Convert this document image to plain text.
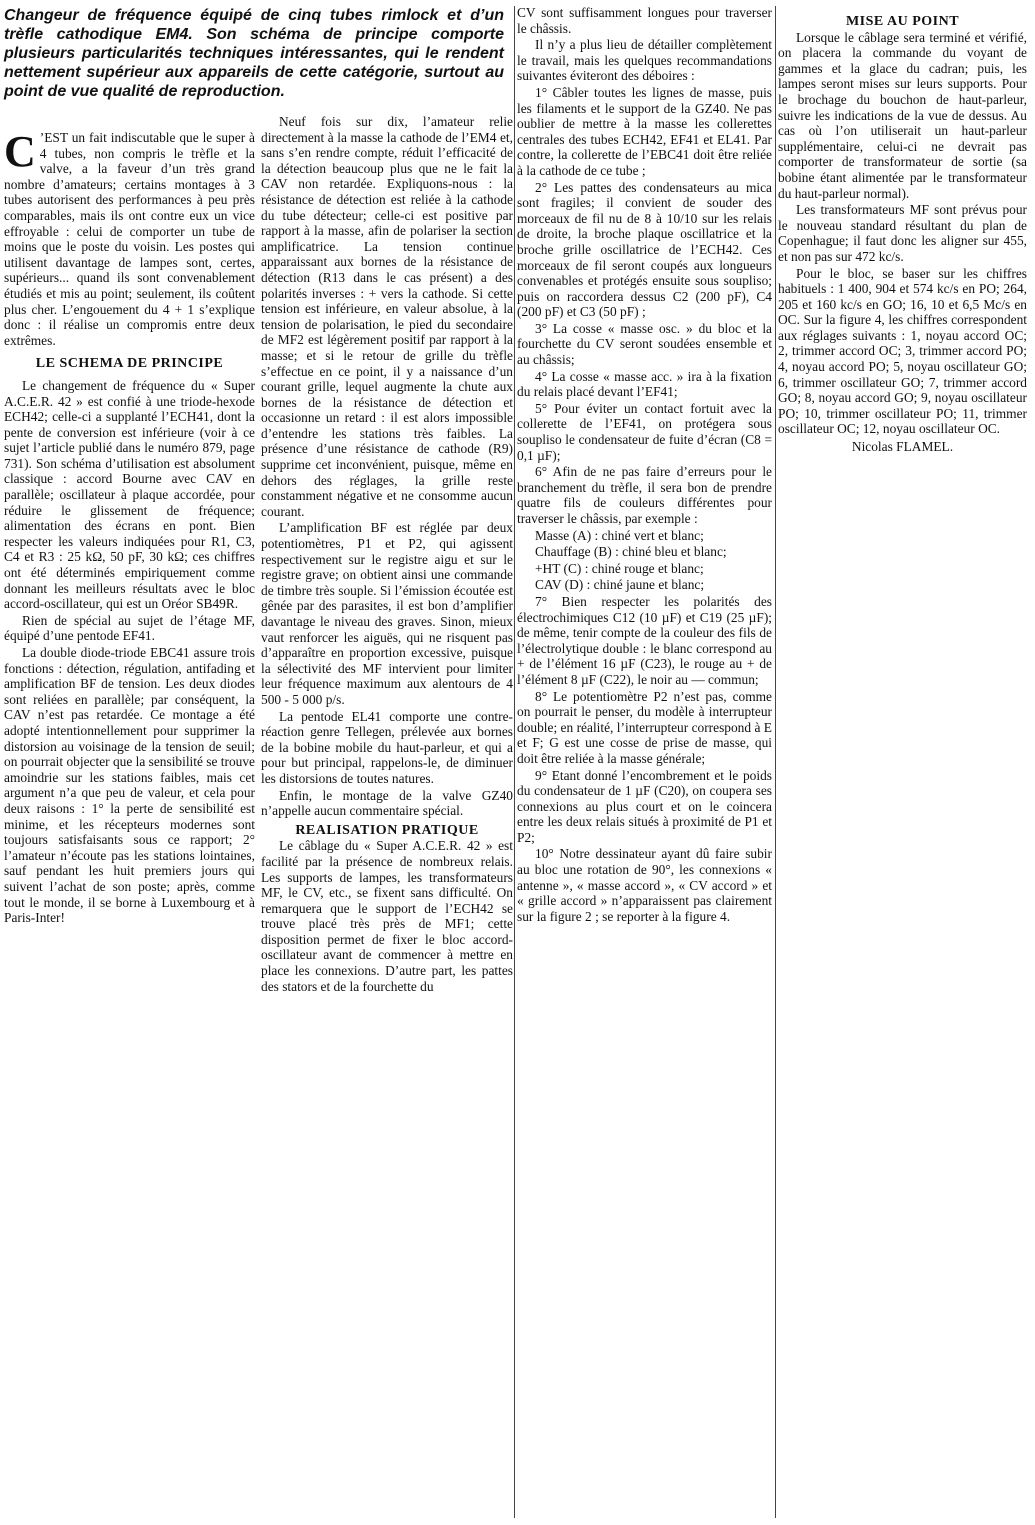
Changeur de fréquence équipé de cinq tubes rimlock et d’un trèfle cathodique EM4. Son schéma de principe comporte plusieurs particularités techniques intéressantes, qui le rendent nettement supérieur aux appareils de cette catégorie, surtout au point de vue qualité de reproduction.
C ’EST un fait indiscutable que le super à 4 tubes, non compris le trèfle et la valve, a la faveur d’un très grand nombre d’amateurs; certains montages à 3 tubes autorisent des performances à peu près comparables, mais ils ont contre eux un vice effroyable : celui de comporter un tube de moins que le poste du voisin. Les postes qui utilisent davantage de lampes sont, certes, supérieurs... quand ils sont convenablement étudiés et mis au point; seulement, ils coûtent plus cher. L’engouement du 4 + 1 s’explique donc : il réalise un compromis entre deux extrêmes.

LE SCHEMA DE PRINCIPE

Le changement de fréquence du « Super A.C.E.R. 42 » est confié à une triode-hexode ECH42; celle-ci a supplanté l’ECH41, dont la pente de conversion est inférieure (voir à ce sujet l’article publié dans le numéro 879, page 731). Son schéma d’utilisation est absolument classique : accord Bourne avec CAV en parallèle; oscillateur à plaque accordée, pour réduire le glissement de fréquence; alimentation des écrans en pont. Bien respecter les valeurs indiquées pour R1, C3, C4 et R3 : 25 kΩ, 50 pF, 30 kΩ; ces chiffres ont été déterminés empiriquement comme donnant les meilleurs résultats avec le bloc accord-oscillateur, qui est un Oréor SB49R.

Rien de spécial au sujet de l’étage MF, équipé d’une pentode EF41.

La double diode-triode EBC41 assure trois fonctions : détection, régulation, antifading et amplification BF de tension. Les deux diodes sont reliées en parallèle; par conséquent, la CAV n’est pas retardée. Ce montage a été adopté intentionnellement pour supprimer la distorsion au voisinage de la tension de seuil; on pourrait objecter que la sensibilité se trouve amoindrie sur les stations faibles, mais cet argument n’a que peu de valeur, et cela pour deux raisons : 1° la perte de sensibilité est minime, et les récepteurs modernes sont toujours satisfaisants sous ce rapport; 2° l’amateur n’écoute pas les stations lointaines, sauf pendant les huit premiers jours qui suivent l’achat de son poste; après, comme tout le monde, il se borne à Luxembourg et à Paris-Inter!

Neuf fois sur dix, l’amateur relie directement à la masse la cathode de l’EM4 et, sans s’en rendre compte, réduit l’efficacité de la détection beaucoup plus que ne le fait la CAV non retardée. Expliquons-nous : la résistance de détection est reliée à la cathode du tube détecteur; celle-ci est positive par rapport à la masse, afin de polariser la section amplificatrice. La tension continue apparaissant aux bornes de la résistance de détection (R13 dans le cas présent) a des polarités inverses : + vers la cathode. Si cette tension est inférieure, en valeur absolue, à la tension de polarisation, le pied du secondaire de MF2 est légèrement positif par rapport à la masse; et si le retour de grille du trèfle s’effectue en ce point, il y a naissance d’un courant grille, lequel augmente la chute aux bornes de la résistance de détection et occasionne un retard : il est alors impossible d’entendre les stations très faibles. La présence d’une résistance de cathode (R9) supprime cet inconvénient, puisque, même en dehors des réglages, la grille reste constamment négative et ne consomme aucun courant.

L’amplification BF est réglée par deux potentiomètres, P1 et P2, qui agissent respectivement sur le registre aigu et sur le registre grave; on obtient ainsi une commande de timbre très souple. Si l’émission écoutée est gênée par des parasites, il est bon d’amplifier davantage le niveau des graves. Sinon, mieux vaut renforcer les aiguës, qui ne risquent pas d’apparaître en proportion excessive, puisque la sélectivité des MF intervient pour limiter leur fréquence maximum aux alentours de 4 500 - 5 000 p/s.

La pentode EL41 comporte une contre-réaction genre Tellegen, prélevée aux bornes de la bobine mobile du haut-parleur, et qui a pour but principal, rappelons-le, de diminuer les distorsions de toutes natures.

Enfin, le montage de la valve GZ40 n’appelle aucun commentaire spécial.

REALISATION PRATIQUE

Le câblage du « Super A.C.E.R. 42 » est facilité par la présence de nombreux relais. Les supports de lampes, les transformateurs MF, le CV, etc., se fixent sans difficulté. On remarquera que le support de l’ECH42 se trouve placé très près de MF1; cette disposition permet de fixer le bloc accord-oscillateur avant de commencer à mettre en place les connexions. D’autre part, les pattes des stators et de la fourchette du

CV sont suffisamment longues pour traverser le châssis.

Il n’y a plus lieu de détailler complètement le travail, mais les quelques recommandations suivantes éviteront des déboires :

1° Câbler toutes les lignes de masse, puis les filaments et le support de la GZ40. Ne pas oublier de mettre à la masse les collerettes centrales des tubes ECH42, EF41 et EL41. Par contre, la collerette de l’EBC41 doit être reliée à la cathode de ce tube ;

2° Les pattes des condensateurs au mica sont fragiles; il convient de souder des morceaux de fil nu de 8 à 10/10 sur les relais de droite, la broche plaque oscillatrice et la broche grille oscillatrice de l’ECH42. Ces morceaux de fil seront coupés aux longueurs convenables et protégés ensuite sous soupliso; puis on raccordera dessus C2 (200 pF), C4 (200 pF) et C3 (50 pF) ;

3° La cosse « masse osc. » du bloc et la fourchette du CV seront soudées ensemble et au châssis;

4° La cosse « masse acc. » ira à la fixation du relais placé devant l’EF41;

5° Pour éviter un contact fortuit avec la collerette de l’EF41, on protégera sous soupliso le condensateur de fuite d’écran (C8 = 0,1 µF);

6° Afin de ne pas faire d’erreurs pour le branchement du trèfle, il sera bon de prendre quatre fils de couleurs différentes pour traverser le châssis, par exemple :

Masse (A) : chiné vert et blanc;

Chauffage (B) : chiné bleu et blanc;

+HT (C) : chiné rouge et blanc;

CAV (D) : chiné jaune et blanc;

7° Bien respecter les polarités des électrochimiques C12 (10 µF) et C19 (25 µF); de même, tenir compte de la couleur des fils de l’électrolytique double : le blanc correspond au + de l’élément 16 µF (C23), le rouge au + de l’élément 8 µF (C22), le noir au — commun;

8° Le potentiomètre P2 n’est pas, comme on pourrait le penser, du modèle à interrupteur double; en réalité, l’interrupteur correspond à E et F; G est une cosse de prise de masse, qui doit être reliée à la masse générale;

9° Etant donné l’encombrement et le poids du condensateur de 1 µF (C20), on coupera ses connexions au plus court et on le coincera entre les deux relais situés à proximité de P1 et P2;

10° Notre dessinateur ayant dû faire subir au bloc une rotation de 90°, les connexions « antenne », « masse accord », « CV accord » et « grille accord » n’apparaissent pas clairement sur la figure 2 ; se reporter à la figure 4.

MISE AU POINT

Lorsque le câblage sera terminé et vérifié, on placera la commande du voyant de gammes et la glace du cadran; puis, les lampes seront mises sur leurs supports. Pour le brochage du bouchon de haut-parleur, suivre les indications de la vue de dessus. Au cas où l’on utiliserait un haut-parleur supplémentaire, celui-ci ne devrait pas comporter de transformateur de sortie (sa bobine étant alimentée par le transformateur du haut-parleur normal).

Les transformateurs MF sont prévus pour le nouveau standard résultant du plan de Copenhague; il faut donc les aligner sur 455, et non pas sur 472 kc/s.

Pour le bloc, se baser sur les chiffres habituels : 1 400, 904 et 574 kc/s en PO; 264, 205 et 160 kc/s en GO; 16, 10 et 6,5 Mc/s en OC. Sur la figure 4, les chiffres correspondent aux réglages suivants : 1, noyau accord OC; 2, trimmer accord OC; 3, trimmer accord PO; 4, noyau accord PO; 5, noyau oscillateur GO; 6, trimmer oscillateur GO; 7, trimmer accord GO; 8, noyau accord GO; 9, noyau oscillateur PO; 10, trimmer oscillateur PO; 11, trimmer oscillateur OC; 12, noyau oscillateur OC.

Nicolas FLAMEL.
